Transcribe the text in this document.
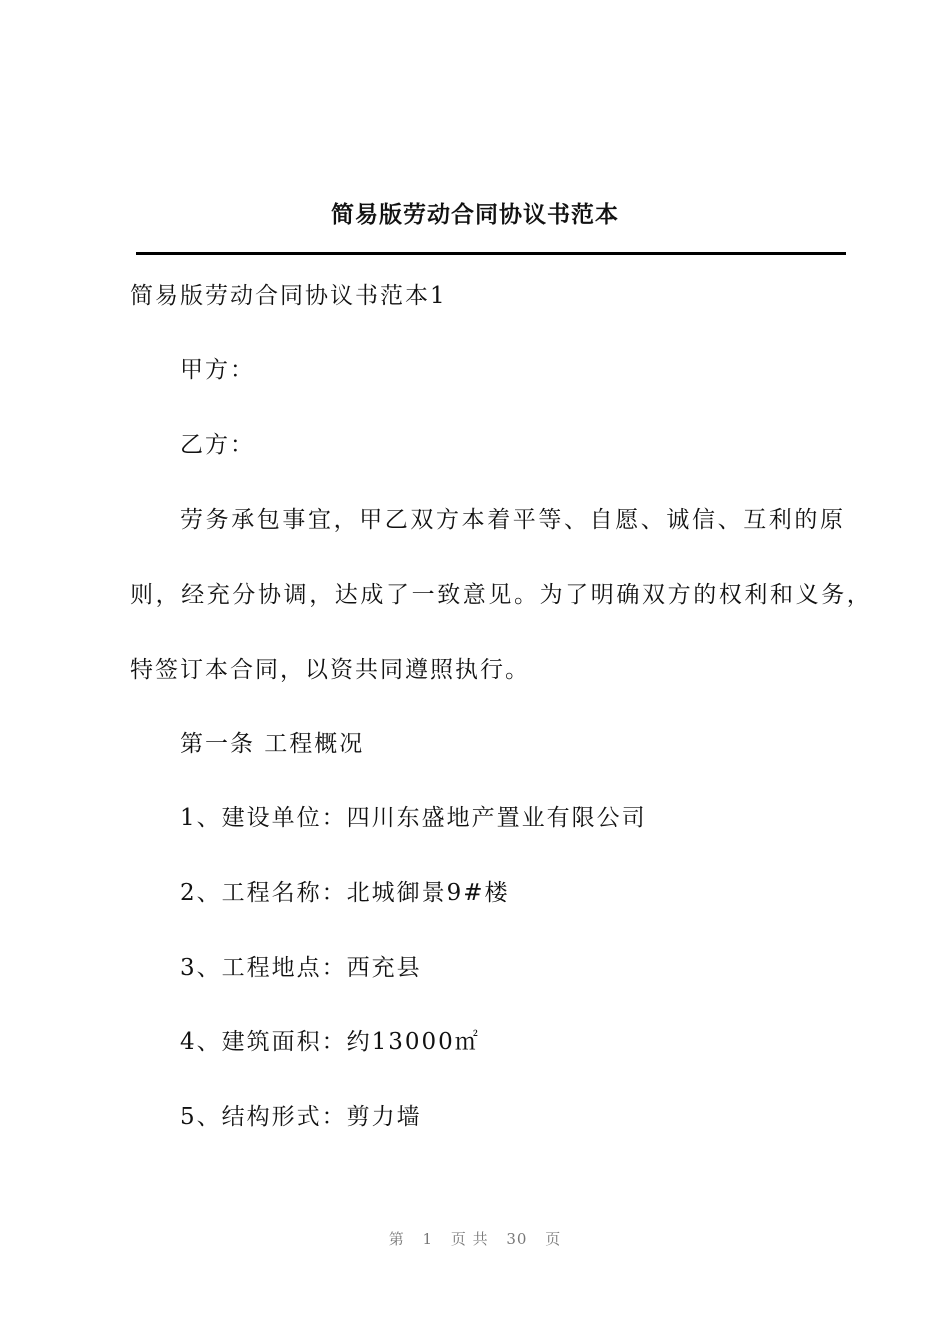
简易版劳动合同协议书范本

简易版劳动合同协议书范本1

甲方：

乙方：

劳务承包事宜，甲乙双方本着平等、自愿、诚信、互利的原

则，经充分协调，达成了一致意见。为了明确双方的权利和义务，

特签订本合同，以资共同遵照执行。

第一条 工程概况

1、建设单位：四川东盛地产置业有限公司

2、工程名称：北城御景9#楼

3、工程地点：西充县

4、建筑面积：约13000㎡

5、结构形式：剪力墙

第 1 页 共 30 页
